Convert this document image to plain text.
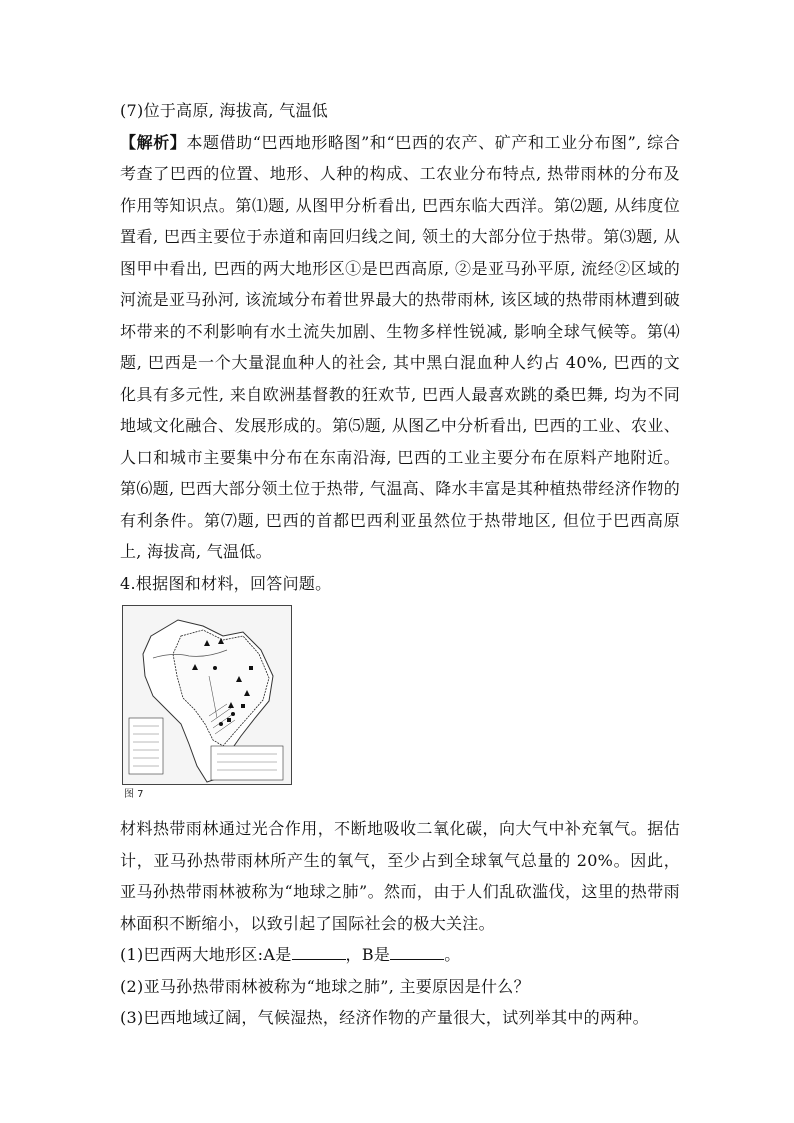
(7)位于高原, 海拔高, 气温低

【解析】本题借助“巴西地形略图”和“巴西的农产、矿产和工业分布图”, 综合考查了巴西的位置、地形、人种的构成、工农业分布特点, 热带雨林的分布及作用等知识点。第⑴题, 从图甲分析看出, 巴西东临大西洋。第⑵题, 从纬度位置看, 巴西主要位于赤道和南回归线之间, 领土的大部分位于热带。第⑶题, 从图甲中看出, 巴西的两大地形区①是巴西高原, ②是亚马孙平原, 流经②区域的河流是亚马孙河, 该流域分布着世界最大的热带雨林, 该区域的热带雨林遭到破坏带来的不利影响有水土流失加剧、生物多样性锐减, 影响全球气候等。第⑷题, 巴西是一个大量混血种人的社会, 其中黑白混血种人约占 40%, 巴西的文化具有多元性, 来自欧洲基督教的狂欢节, 巴西人最喜欢跳的桑巴舞, 均为不同地域文化融合、发展形成的。第⑸题, 从图乙中分析看出, 巴西的工业、农业、人口和城市主要集中分布在东南沿海, 巴西的工业主要分布在原料产地附近。第⑹题, 巴西大部分领土位于热带, 气温高、降水丰富是其种植热带经济作物的有利条件。第⑺题, 巴西的首都巴西利亚虽然位于热带地区, 但位于巴西高原上, 海拔高, 气温低。

4.根据图和材料，回答问题。

图 7

材料热带雨林通过光合作用，不断地吸收二氧化碳，向大气中补充氧气。据估计，亚马孙热带雨林所产生的氧气，至少占到全球氧气总量的 20%。因此，亚马孙热带雨林被称为“地球之肺”。然而，由于人们乱砍滥伐，这里的热带雨林面积不断缩小，以致引起了国际社会的极大关注。

(1)巴西两大地形区:A是	，B是	。

(2)亚马孙热带雨林被称为“地球之肺”, 主要原因是什么？

(3)巴西地域辽阔，气候湿热，经济作物的产量很大，试列举其中的两种。
